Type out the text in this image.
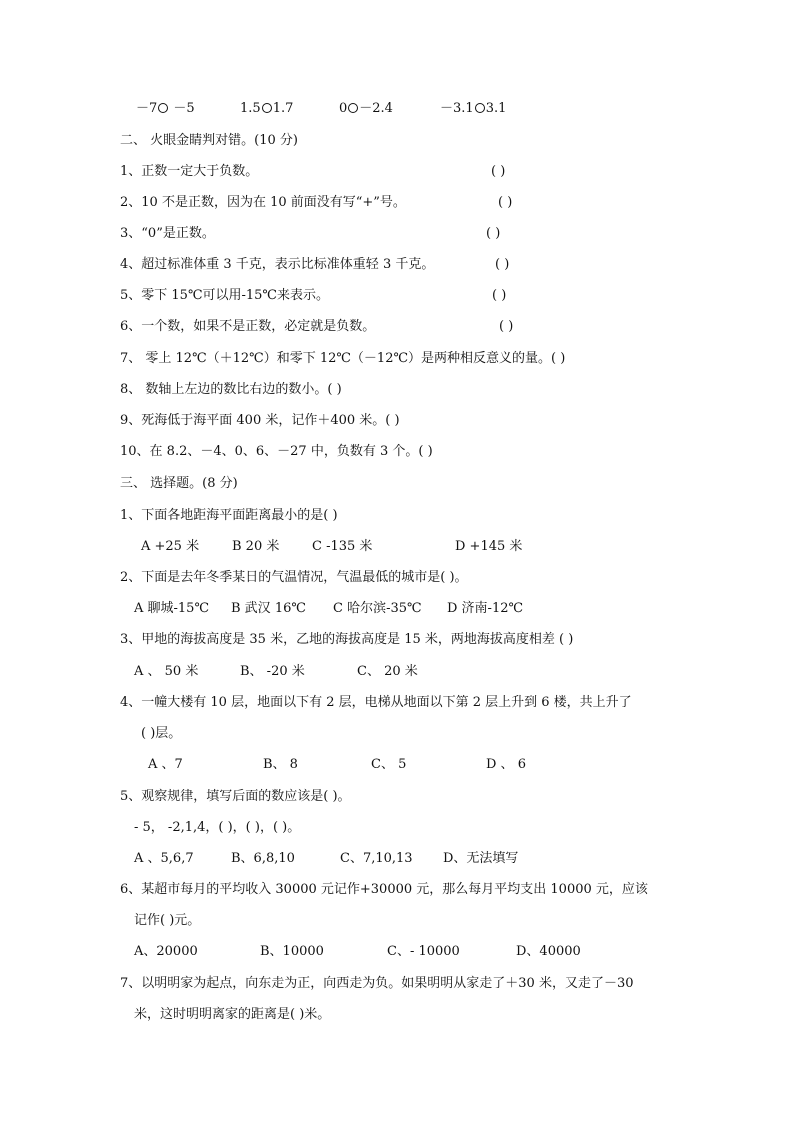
－7 －5	1.5 1.7	0 －2.4	－3.1 3.1
二、 火眼金睛判对错。(10 分)
1、正数一定大于负数。	( )
2、10 不是正数，因为在 10 前面没有写“+”号。	( )
3、“0”是正数。	( )
4、超过标准体重 3 千克，表示比标准体重轻 3 千克。	( )
5、零下 15℃可以用-15℃来表示。	( )
6、一个数，如果不是正数，必定就是负数。	( )
7、 零上 12℃（＋12℃）和零下 12℃（－12℃）是两种相反意义的量。( )
8、 数轴上左边的数比右边的数小。( )
9、死海低于海平面 400 米，记作＋400 米。( )
10、在 8.2、－4、0、6、－27 中，负数有 3 个。( )
三、 选择题。(8 分)
1、下面各地距海平面距离最小的是( )
A +25 米	B 20 米	C -135 米	D +145 米
2、下面是去年冬季某日的气温情况，气温最低的城市是( )。
A 聊城-15℃ B 武汉 16℃ C 哈尔滨-35℃ D 济南-12℃
3、甲地的海拔高度是 35 米，乙地的海拔高度是 15 米，两地海拔高度相差 ( )
A 、 50 米	B、 -20 米	C、 20 米
4、一幢大楼有 10 层，地面以下有 2 层，电梯从地面以下第 2 层上升到 6 楼，共上升了
( )层。
A 、7	B、 8	C、 5	D 、 6
5、观察规律，填写后面的数应该是( )。
- 5， -2,1,4，( )，( )，( )。
A 、5,6,7	B、6,8,10	C、7,10,13 D、无法填写
6、某超市每月的平均收入 30000 元记作+30000 元，那么每月平均支出 10000 元，应该
记作( )元。
A、20000	B、10000	C、- 10000	D、40000
7、以明明家为起点，向东走为正，向西走为负。如果明明从家走了＋30 米，又走了－30
米，这时明明离家的距离是( )米。
